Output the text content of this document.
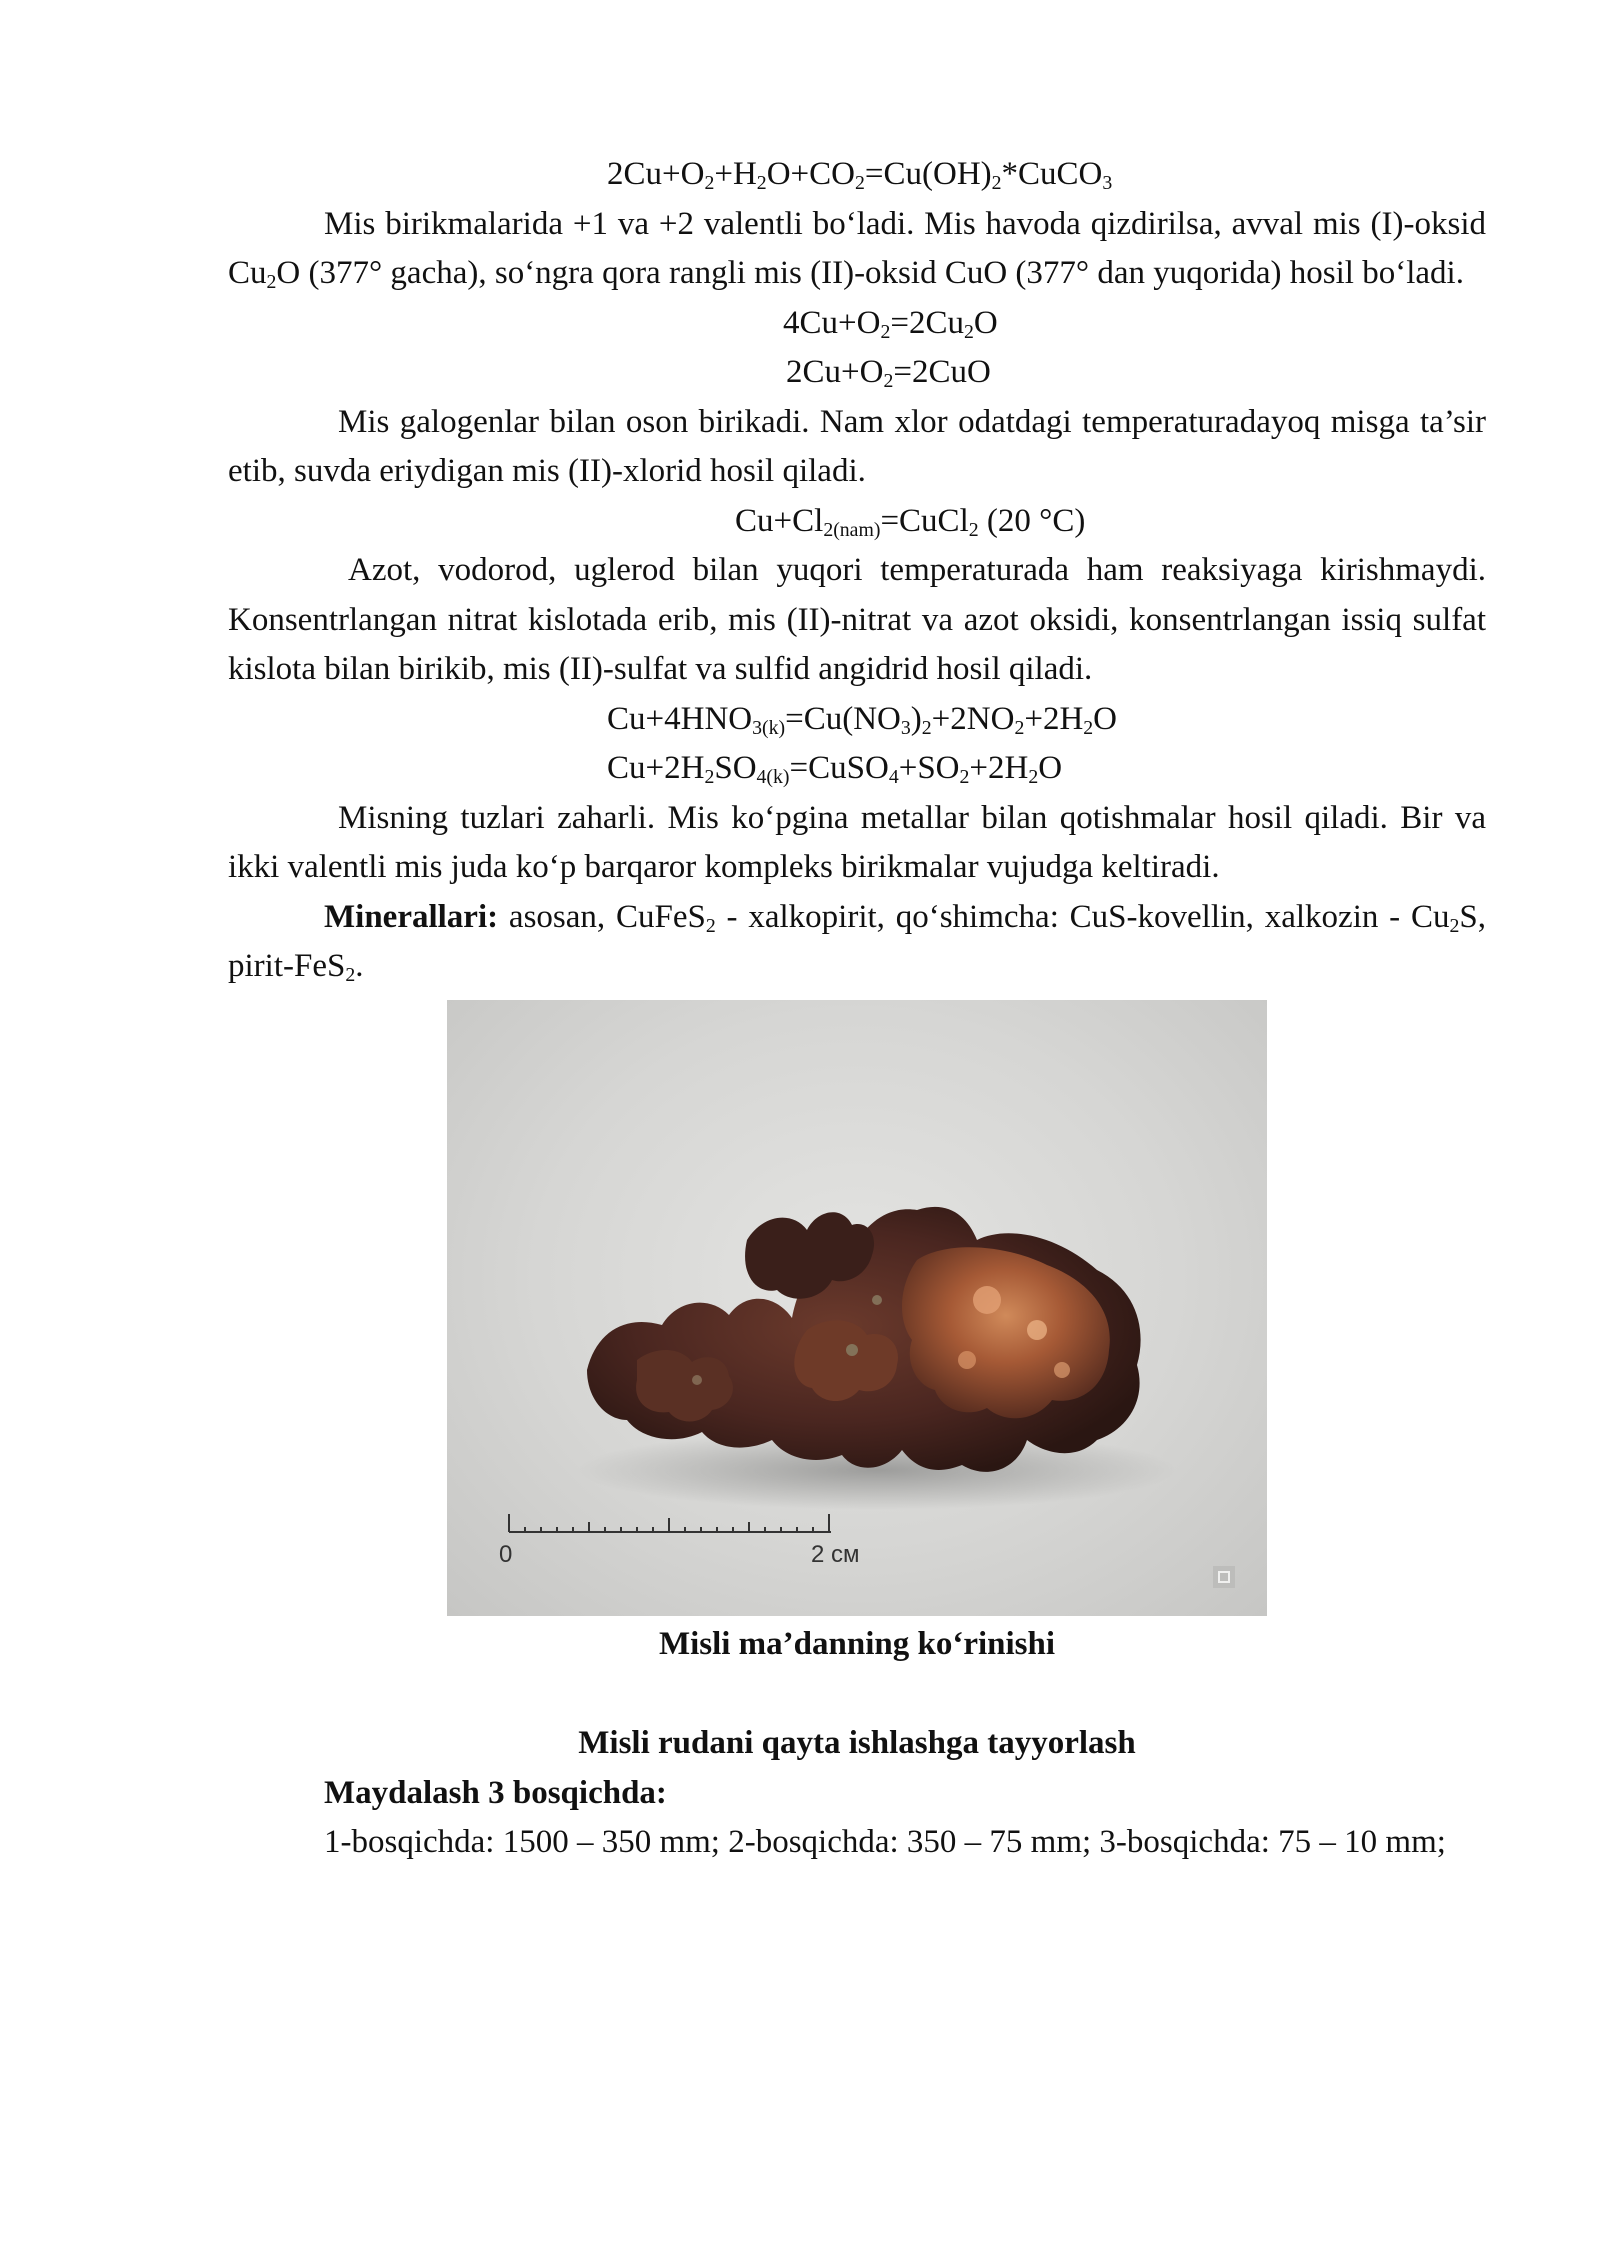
$2Cu+O_2+H_2O+CO_2=Cu(OH)_2*CuCO_3$

Mis birikmalarida +1 va +2 valentli bo‘ladi. Mis havoda qizdirilsa, avval mis (I)-oksid $Cu_2O$ (377° gacha), so‘ngra qora rangli mis (II)-oksid CuO (377° dan yuqorida) hosil bo‘ladi.

$4Cu+O_2=2Cu_2O$

$2Cu+O_2=2CuO$

Mis galogenlar bilan oson birikadi. Nam xlor odatdagi temperaturadayoq misga ta’sir etib, suvda eriydigan mis (II)-xlorid hosil qiladi.

$Cu+Cl_{2(nam)}=CuCl_2$ (20 °C)

Azot, vodorod, uglerod bilan yuqori temperaturada ham reaksiyaga kirishmaydi. Konsentrlangan nitrat kislotada erib, mis (II)-nitrat va azot oksidi, konsentrlangan issiq sulfat kislota bilan birikib, mis (II)-sulfat va sulfid angidrid hosil qiladi.

$Cu+4HNO_{3(k)}=Cu(NO_3)_2+2NO_2+2H_2O$

$Cu+2H_2SO_{4(k)}=CuSO_4+SO_2+2H_2O$

Misning tuzlari zaharli. Mis ko‘pgina metallar bilan qotishmalar hosil qiladi. Bir va ikki valentli mis juda ko‘p barqaror kompleks birikmalar vujudga keltiradi.

Minerallari: asosan, CuFeS$_2$ - xalkopirit, qo‘shimcha: CuS-kovellin, xalkozin - $Cu_2S$, pirit-FeS$_2$.

0	2 см

Misli ma’danning ko‘rinishi

Misli rudani qayta ishlashga tayyorlash

Maydalash 3 bosqichda:

1-bosqichda: 1500 – 350 mm; 2-bosqichda: 350 – 75 mm; 3-bosqichda: 75 – 10 mm;
